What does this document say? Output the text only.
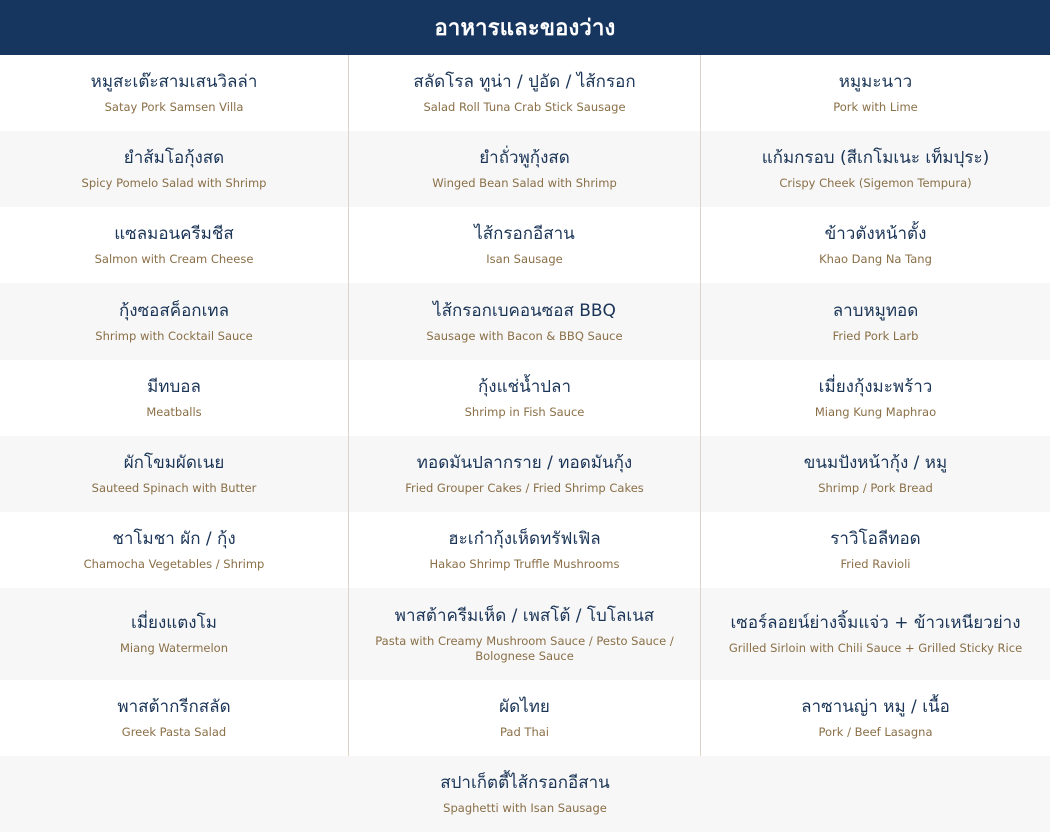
อาหารและของว่าง
หมูสะเต๊ะสามเสนวิลล่า
Satay Pork Samsen Villa
สลัดโรล ทูน่า / ปูอัด / ไส้กรอก
Salad Roll Tuna Crab Stick Sausage
หมูมะนาว
Pork with Lime
ยำส้มโอกุ้งสด
Spicy Pomelo Salad with Shrimp
ยำถั่วพูกุ้งสด
Winged Bean Salad with Shrimp
แก้มกรอบ (สีเกโมเนะ เท็มปุระ)
Crispy Cheek (Sigemon Tempura)
แซลมอนครีมชีส
Salmon with Cream Cheese
ไส้กรอกอีสาน
Isan Sausage
ข้าวตังหน้าตั้ง
Khao Dang Na Tang
กุ้งซอสค็อกเทล
Shrimp with Cocktail Sauce
ไส้กรอกเบคอนซอส BBQ
Sausage with Bacon & BBQ Sauce
ลาบหมูทอด
Fried Pork Larb
มีทบอล
Meatballs
กุ้งแช่น้ำปลา
Shrimp in Fish Sauce
เมี่ยงกุ้งมะพร้าว
Miang Kung Maphrao
ผักโขมผัดเนย
Sauteed Spinach with Butter
ทอดมันปลากราย / ทอดมันกุ้ง
Fried Grouper Cakes / Fried Shrimp Cakes
ขนมปังหน้ากุ้ง / หมู
Shrimp / Pork Bread
ชาโมชา ผัก / กุ้ง
Chamocha Vegetables / Shrimp
ฮะเก๋ากุ้งเห็ดทรัฟเฟิล
Hakao Shrimp Truffle Mushrooms
ราวิโอลีทอด
Fried Ravioli
เมี่ยงแตงโม
Miang Watermelon
พาสต้าครีมเห็ด / เพสโต้ / โบโลเนส
Pasta with Creamy Mushroom Sauce / Pesto Sauce / Bolognese Sauce
เซอร์ลอยน์ย่างจิ้มแจ่ว + ข้าวเหนียวย่าง
Grilled Sirloin with Chili Sauce + Grilled Sticky Rice
พาสต้ากรีกสลัด
Greek Pasta Salad
ผัดไทย
Pad Thai
ลาซานญ่า หมู / เนื้อ
Pork / Beef Lasagna
สปาเก็ตตี้ไส้กรอกอีสาน
Spaghetti with Isan Sausage
